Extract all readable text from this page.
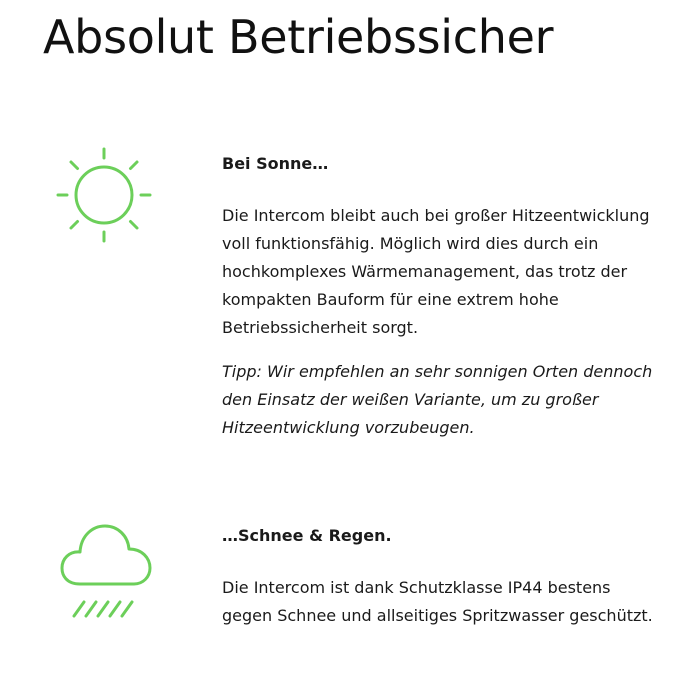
Absolut Betriebssicher

Bei Sonne…

Die Intercom bleibt auch bei großer Hitzeentwicklung voll funktionsfähig. Möglich wird dies durch ein hochkomplexes Wärmemanagement, das trotz der kompakten Bauform für eine extrem hohe Betriebssicherheit sorgt.

Tipp: Wir empfehlen an sehr sonnigen Orten dennoch den Einsatz der weißen Variante, um zu großer Hitzeentwicklung vorzubeugen.

…Schnee & Regen.

Die Intercom ist dank Schutzklasse IP44 bestens gegen Schnee und allseitiges Spritzwasser geschützt.
